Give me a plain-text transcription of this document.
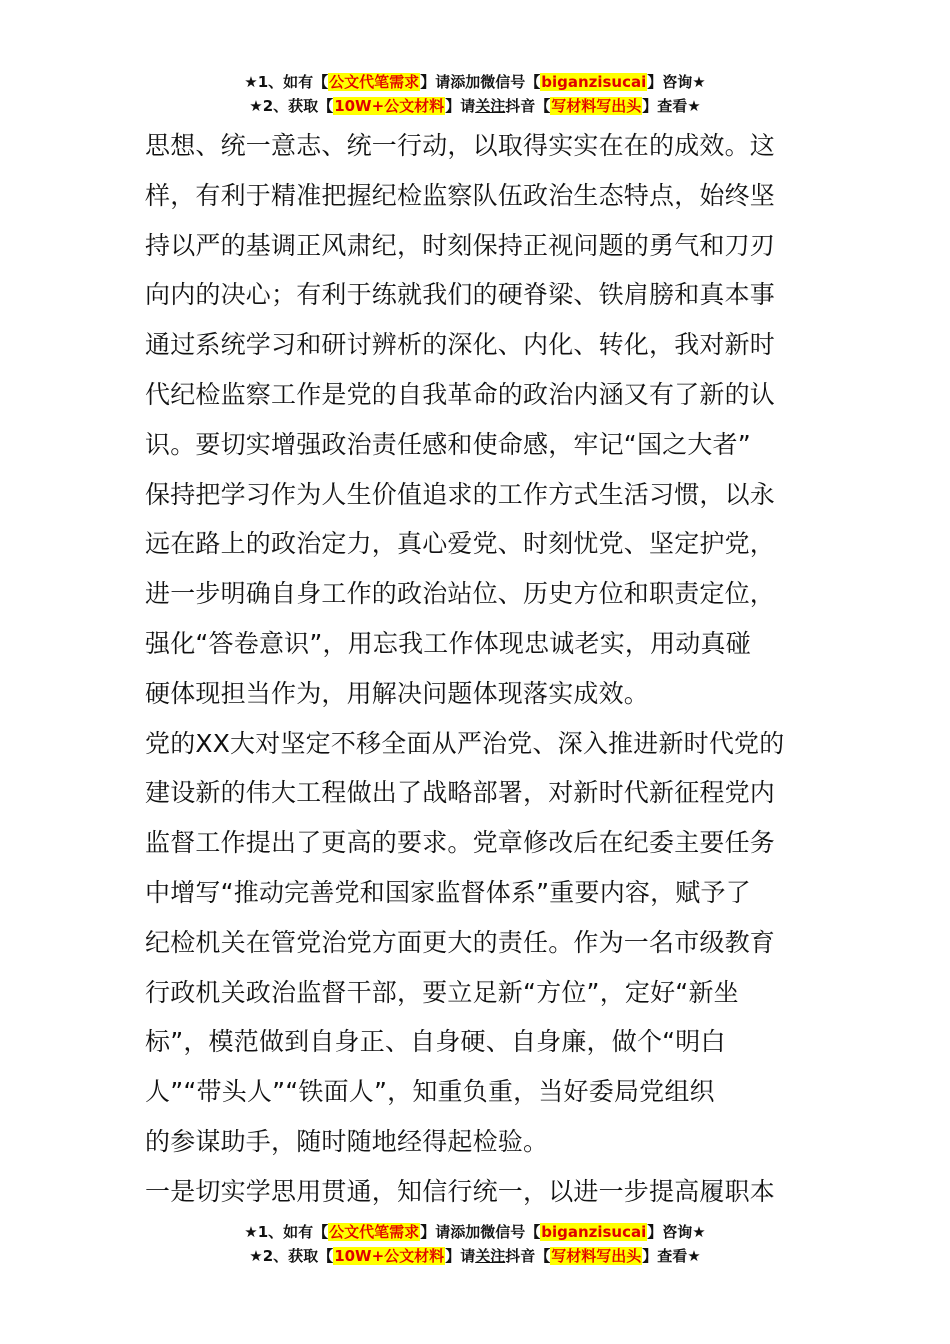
★1、如有【公文代笔需求】请添加微信号【biganzisucai】咨询★
★2、获取【10W+公文材料】请关注抖音【写材料写出头】查看★
思想、统一意志、统一行动，以取得实实在在的成效。这
样，有利于精准把握纪检监察队伍政治生态特点，始终坚
持以严的基调正风肃纪，时刻保持正视问题的勇气和刀刃
向内的决心；有利于练就我们的硬脊梁、铁肩膀和真本事
通过系统学习和研讨辨析的深化、内化、转化，我对新时
代纪检监察工作是党的自我革命的政治内涵又有了新的认
识。要切实增强政治责任感和使命感，牢记“国之大者”
保持把学习作为人生价值追求的工作方式生活习惯，以永
远在路上的政治定力，真心爱党、时刻忧党、坚定护党，
进一步明确自身工作的政治站位、历史方位和职责定位，
强化“答卷意识”，用忘我工作体现忠诚老实，用动真碰
硬体现担当作为，用解决问题体现落实成效。
党的XX大对坚定不移全面从严治党、深入推进新时代党的
建设新的伟大工程做出了战略部署，对新时代新征程党内
监督工作提出了更高的要求。党章修改后在纪委主要任务
中增写“推动完善党和国家监督体系”重要内容，赋予了
纪检机关在管党治党方面更大的责任。作为一名市级教育
行政机关政治监督干部，要立足新“方位”，定好“新坐
标”，模范做到自身正、自身硬、自身廉，做个“明白
人”“带头人”“铁面人”，知重负重，当好委局党组织
的参谋助手，随时随地经得起检验。
一是切实学思用贯通，知信行统一，以进一步提高履职本
★1、如有【公文代笔需求】请添加微信号【biganzisucai】咨询★
★2、获取【10W+公文材料】请关注抖音【写材料写出头】查看★
